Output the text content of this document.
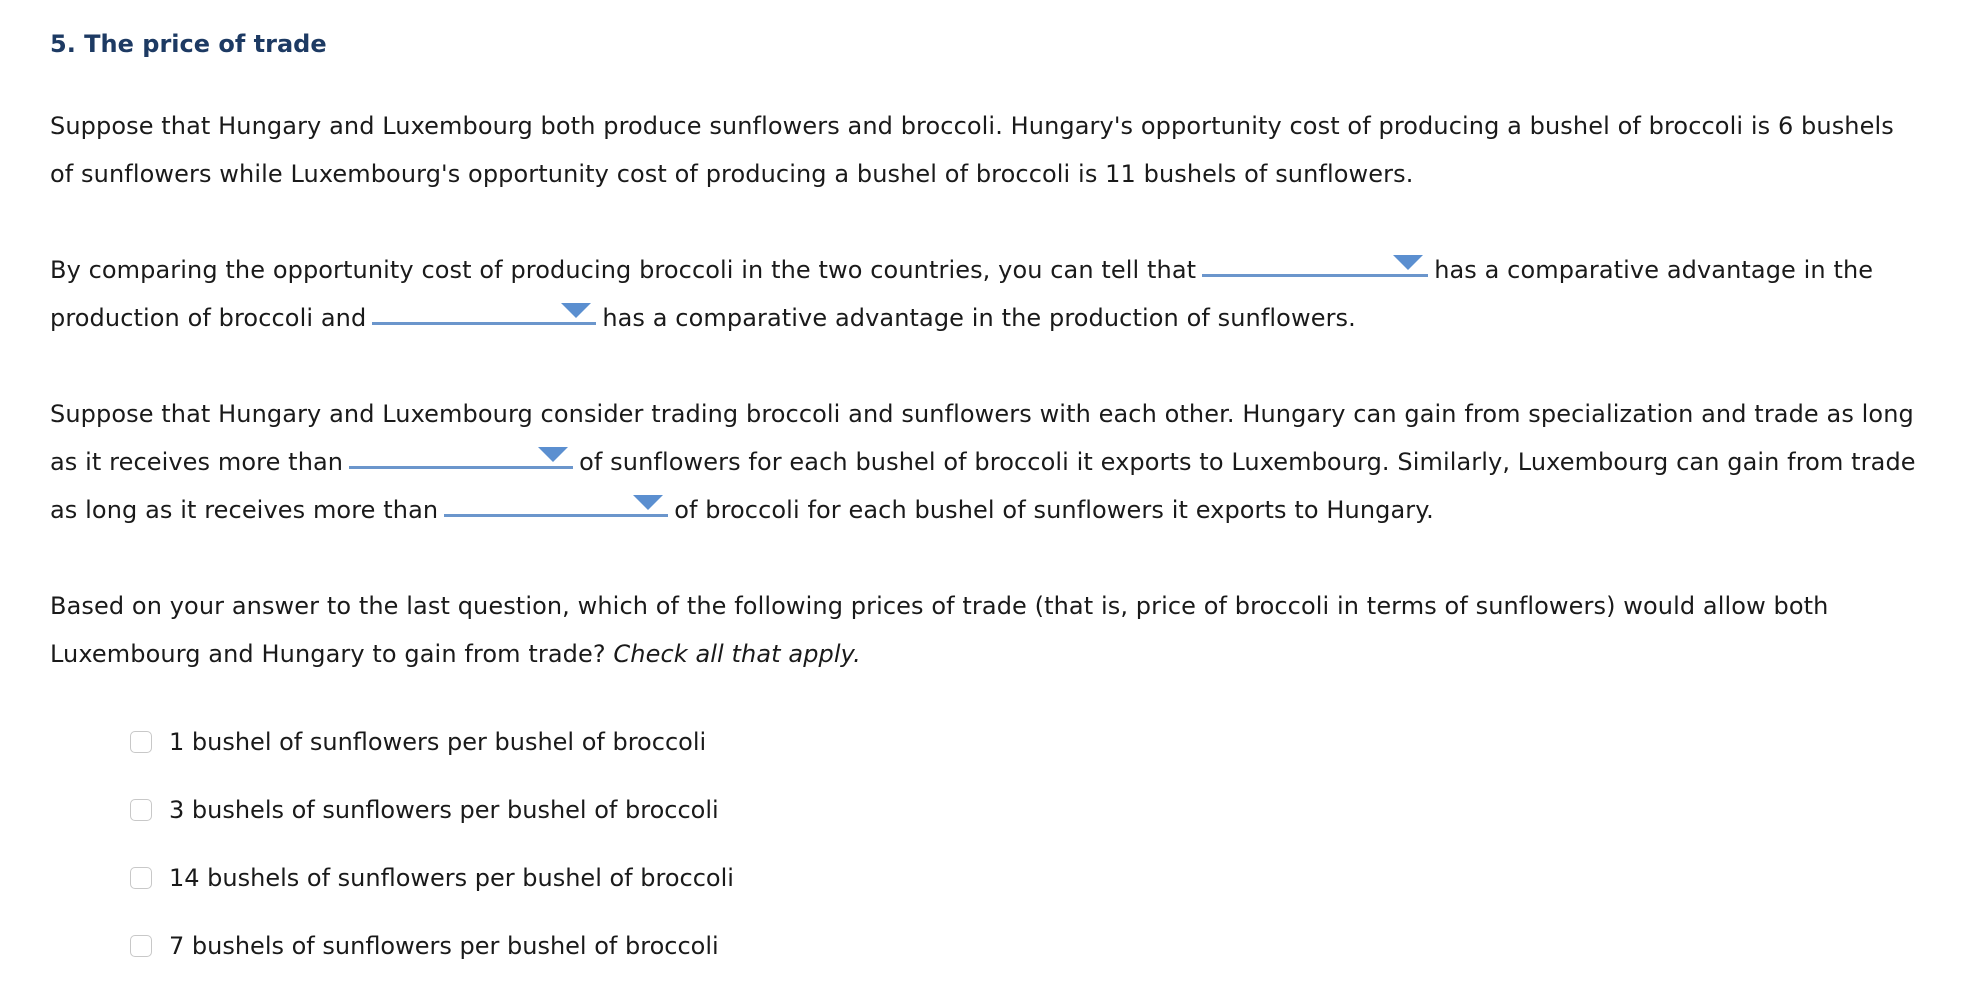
5. The price of trade

Suppose that Hungary and Luxembourg both produce sunflowers and broccoli. Hungary's opportunity cost of producing a bushel of broccoli is 6 bushels of sunflowers while Luxembourg's opportunity cost of producing a bushel of broccoli is 11 bushels of sunflowers.

By comparing the opportunity cost of producing broccoli in the two countries, you can tell that	has a comparative advantage in the production of broccoli and	has a comparative advantage in the production of sunflowers.

Suppose that Hungary and Luxembourg consider trading broccoli and sunflowers with each other. Hungary can gain from specialization and trade as long as it receives more than	of sunflowers for each bushel of broccoli it exports to Luxembourg. Similarly, Luxembourg can gain from trade as long as it receives more than	of broccoli for each bushel of sunflowers it exports to Hungary.

Based on your answer to the last question, which of the following prices of trade (that is, price of broccoli in terms of sunflowers) would allow both Luxembourg and Hungary to gain from trade? Check all that apply.

1 bushel of sunflowers per bushel of broccoli
3 bushels of sunflowers per bushel of broccoli
14 bushels of sunflowers per bushel of broccoli
7 bushels of sunflowers per bushel of broccoli
